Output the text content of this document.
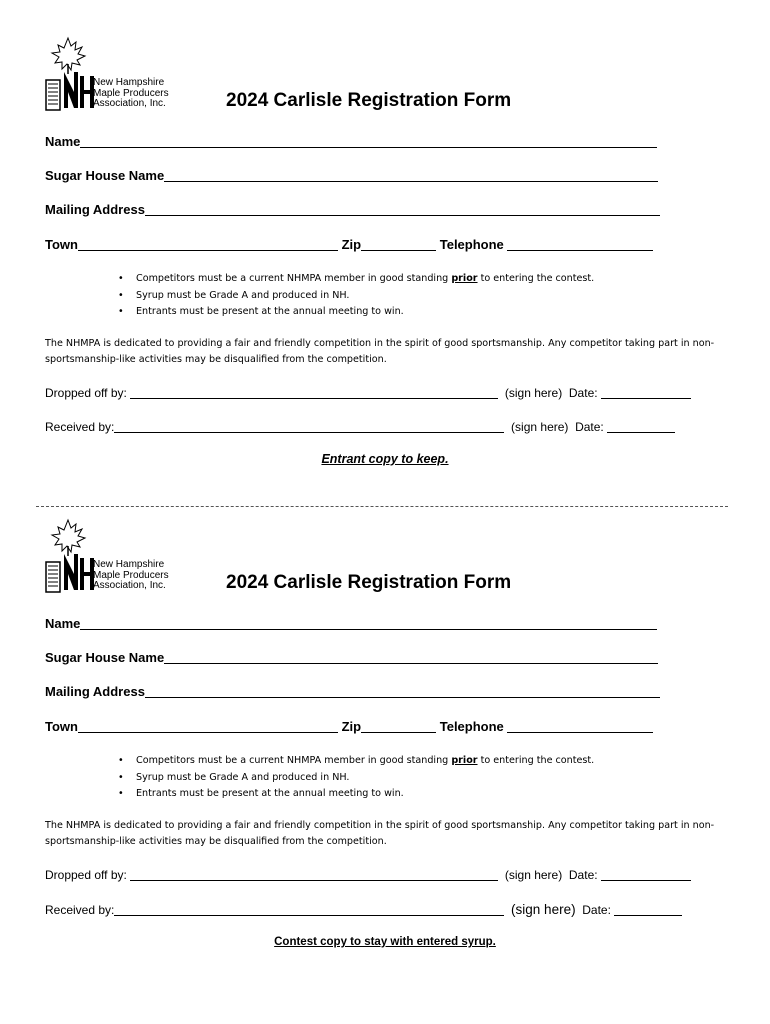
New Hampshire
Maple Producers
Association, Inc.	2024 Carlisle Registration Form
Name
Sugar House Name
Mailing Address
Town	Zip	Telephone
• Competitors must be a current NHMPA member in good standing prior to entering the contest.
• Syrup must be Grade A and produced in NH.
• Entrants must be present at the annual meeting to win.
The NHMPA is dedicated to providing a fair and friendly competition in the spirit of good sportsmanship. Any competitor taking part in non-sportsmanship-like activities may be disqualified from the competition.
Dropped off by:	(sign here) Date:
Received by:	(sign here) Date:
Entrant copy to keep.
New Hampshire
Maple Producers
Association, Inc.	2024 Carlisle Registration Form
Name
Sugar House Name
Mailing Address
Town	Zip	Telephone
• Competitors must be a current NHMPA member in good standing prior to entering the contest.
• Syrup must be Grade A and produced in NH.
• Entrants must be present at the annual meeting to win.
The NHMPA is dedicated to providing a fair and friendly competition in the spirit of good sportsmanship. Any competitor taking part in non-sportsmanship-like activities may be disqualified from the competition.
Dropped off by:	(sign here) Date:
Received by:	(sign here) Date:
Contest copy to stay with entered syrup.
